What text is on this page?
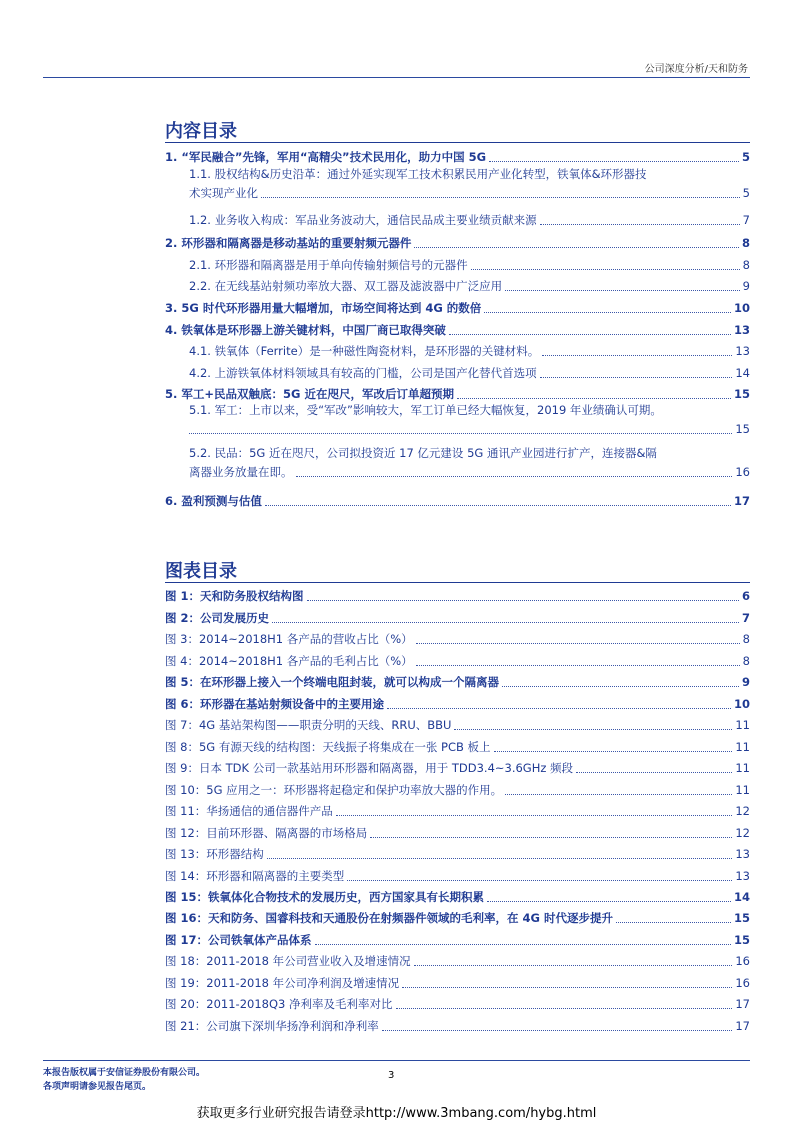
公司深度分析/天和防务
内容目录
1. “军民融合”先锋，军用“高精尖”技术民用化，助力中国 5G	5
1.1. 股权结构&历史沿革：通过外延实现军工技术积累民用产业化转型，铁氧体&环形器技
术实现产业化	5
1.2. 业务收入构成：军品业务波动大，通信民品成主要业绩贡献来源	7
2. 环形器和隔离器是移动基站的重要射频元器件	8
2.1. 环形器和隔离器是用于单向传输射频信号的元器件	8
2.2. 在无线基站射频功率放大器、双工器及滤波器中广泛应用	9
3. 5G 时代环形器用量大幅增加，市场空间将达到 4G 的数倍	10
4. 铁氧体是环形器上游关键材料，中国厂商已取得突破	13
4.1. 铁氧体（Ferrite）是一种磁性陶瓷材料，是环形器的关键材料。	13
4.2. 上游铁氧体材料领域具有较高的门槛，公司是国产化替代首选项	14
5. 军工+民品双触底：5G 近在咫尺，军改后订单超预期	15
5.1. 军工：上市以来，受“军改”影响较大，军工订单已经大幅恢复，2019 年业绩确认可期。
15
5.2. 民品：5G 近在咫尺，公司拟投资近 17 亿元建设 5G 通讯产业园进行扩产，连接器&隔
离器业务放量在即。	16
6. 盈利预测与估值	17
图表目录
图 1：天和防务股权结构图	6
图 2：公司发展历史	7
图 3：2014~2018H1 各产品的营收占比（%）	8
图 4：2014~2018H1 各产品的毛利占比（%）	8
图 5：在环形器上接入一个终端电阻封装，就可以构成一个隔离器	9
图 6：环形器在基站射频设备中的主要用途	10
图 7：4G 基站架构图——职责分明的天线、RRU、BBU	11
图 8：5G 有源天线的结构图：天线振子将集成在一张 PCB 板上	11
图 9：日本 TDK 公司一款基站用环形器和隔离器，用于 TDD3.4~3.6GHz 频段	11
图 10：5G 应用之一：环形器将起稳定和保护功率放大器的作用。	11
图 11：华扬通信的通信器件产品	12
图 12：目前环形器、隔离器的市场格局	12
图 13：环形器结构	13
图 14：环形器和隔离器的主要类型	13
图 15：铁氧体化合物技术的发展历史，西方国家具有长期积累	14
图 16：天和防务、国睿科技和天通股份在射频器件领域的毛利率，在 4G 时代逐步提升	15
图 17：公司铁氧体产品体系	15
图 18：2011-2018 年公司营业收入及增速情况	16
图 19：2011-2018 年公司净利润及增速情况	16
图 20：2011-2018Q3 净利率及毛利率对比	17
图 21：公司旗下深圳华扬净利润和净利率	17
本报告版权属于安信证券股份有限公司。
各项声明请参见报告尾页。
3
获取更多行业研究报告请登录http://www.3mbang.com/hybg.html
